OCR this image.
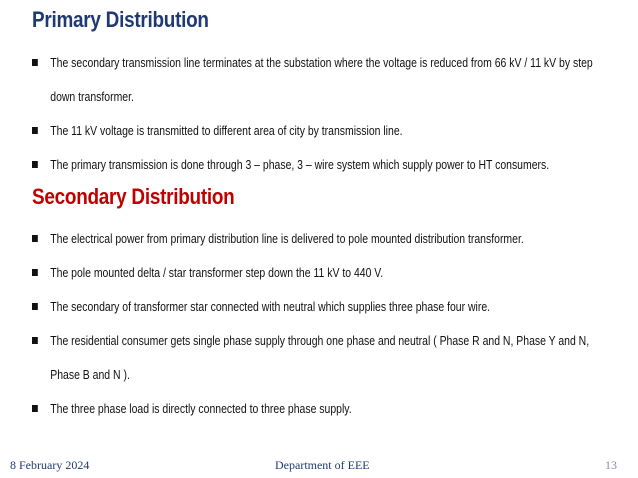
Primary Distribution
The secondary transmission line terminates at the substation where the voltage is reduced from 66 kV / 11 kV by step down transformer.
The 11 kV voltage is transmitted to different area of city by transmission line.
The primary transmission is done through 3 – phase, 3 – wire system which supply power to HT consumers.
Secondary Distribution
The electrical power from primary distribution line is delivered to pole mounted distribution transformer.
The pole mounted delta / star transformer step down the 11 kV to 440 V.
The secondary of transformer star connected with neutral which supplies three phase four wire.
The residential consumer gets single phase supply through one phase and neutral ( Phase R and N, Phase Y and N, Phase B and N ).
The three phase load is directly connected to three phase supply.
8 February 2024	Department of EEE	13
